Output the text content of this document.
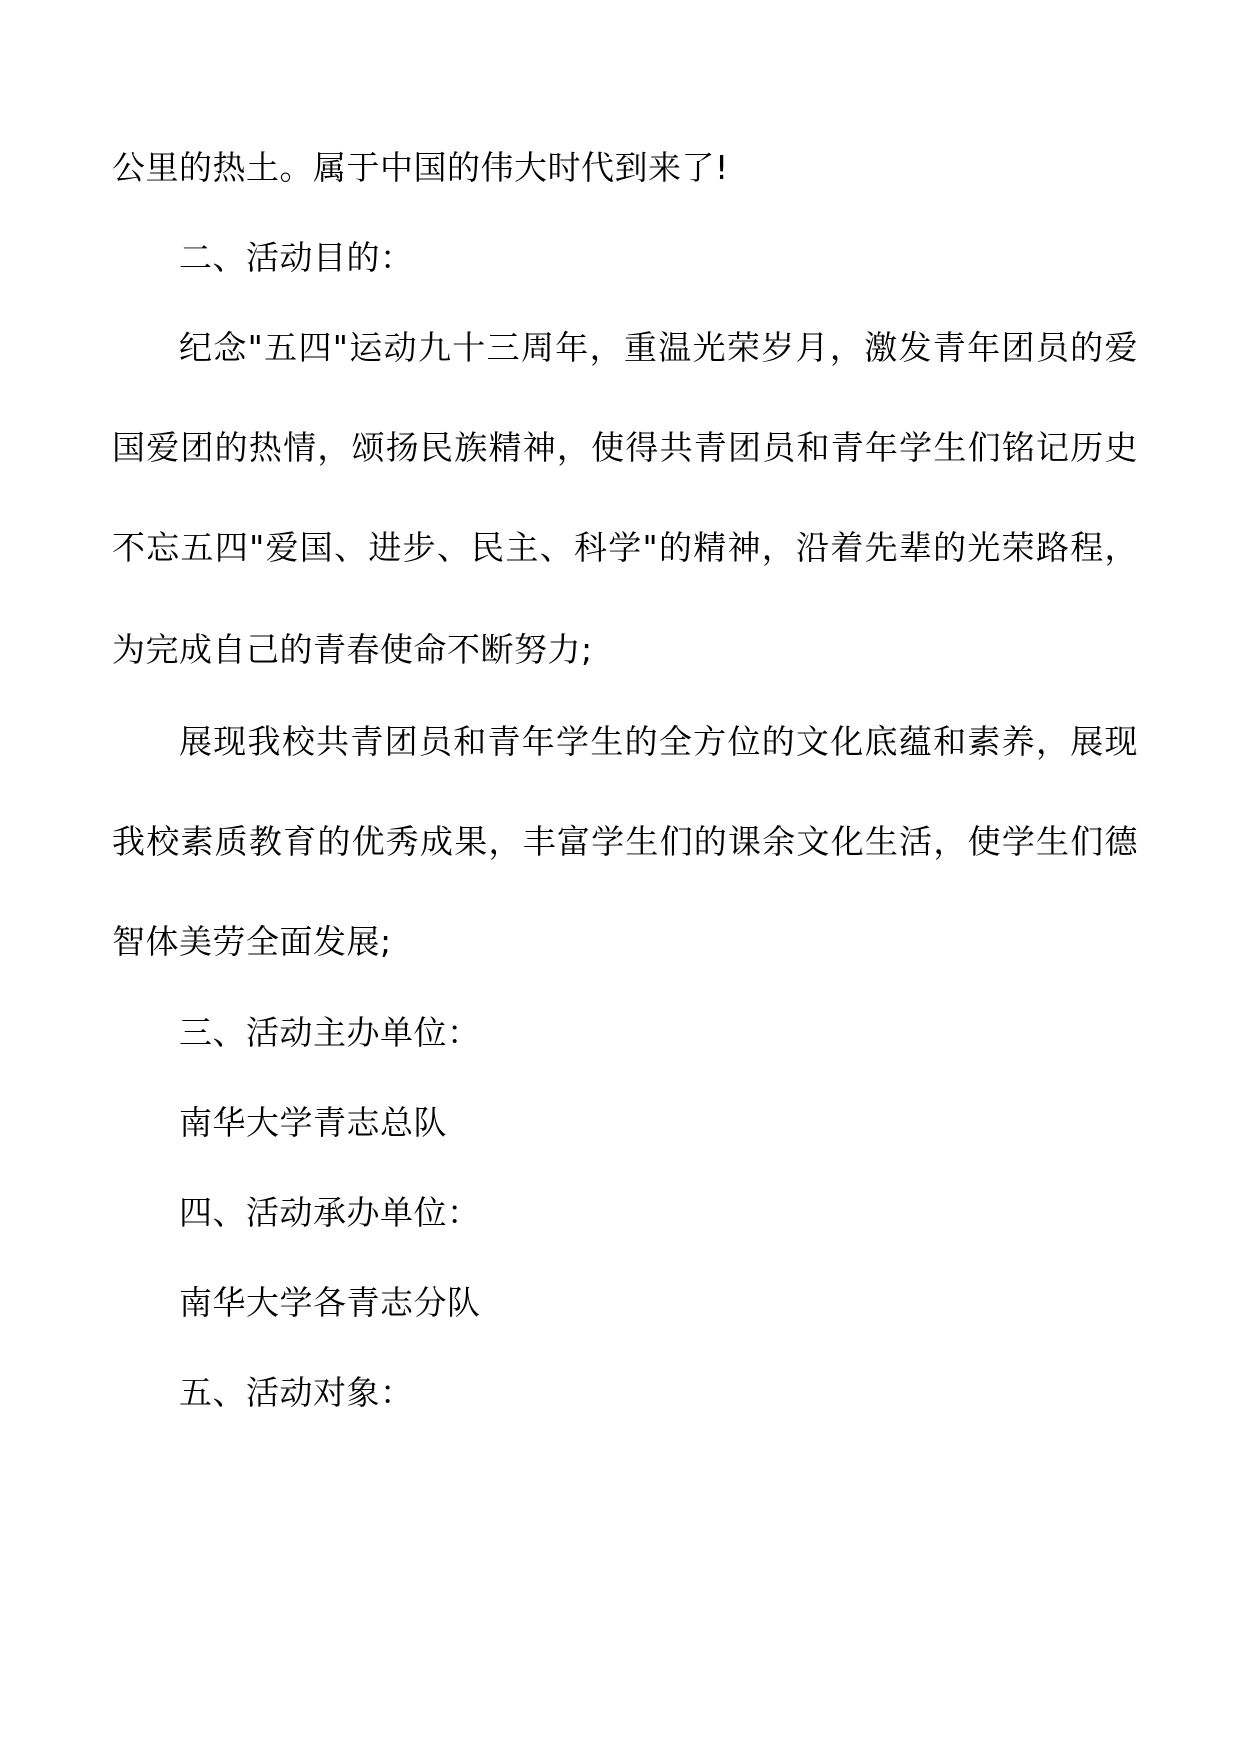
公里的热土。属于中国的伟大时代到来了!
二、活动目的：
纪念"五四"运动九十三周年，重温光荣岁月，激发青年团员的爱
国爱团的热情，颂扬民族精神，使得共青团员和青年学生们铭记历史
不忘五四"爱国、进步、民主、科学"的精神，沿着先辈的光荣路程，
为完成自己的青春使命不断努力;
展现我校共青团员和青年学生的全方位的文化底蕴和素养，展现
我校素质教育的优秀成果，丰富学生们的课余文化生活，使学生们德
智体美劳全面发展;
三、活动主办单位：
南华大学青志总队
四、活动承办单位：
南华大学各青志分队
五、活动对象：
